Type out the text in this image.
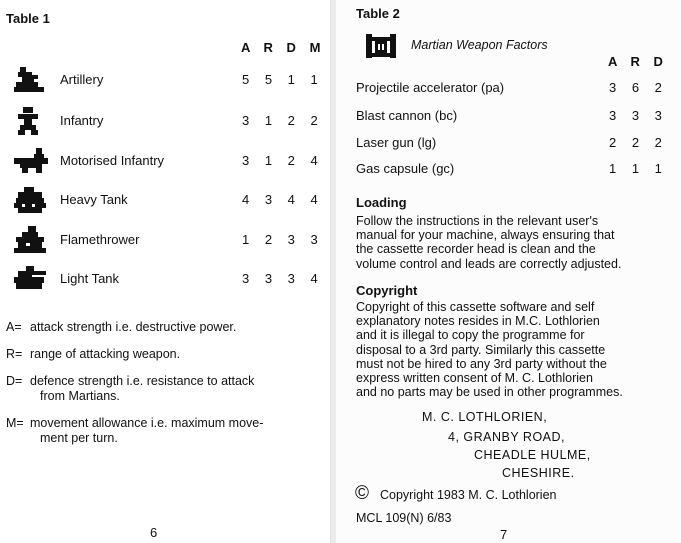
Table 1
A R D M
Artillery	5 5 1 1
Infantry	3 1 2 2
Motorised Infantry	3 1 2 4
Heavy Tank	4 3 4 4
Flamethrower	1 2 3 3
Light Tank	3 3 3 4
A= attack strength i.e. destructive power.
R= range of attacking weapon.
D= defence strength i.e. resistance to attack
from Martians.
M= movement allowance i.e. maximum move-
ment per turn.
6
Table 2
Martian Weapon Factors
A R D
Projectile accelerator (pa)	3 6 2
Blast cannon (bc)	3 3 3
Laser gun (lg)	2 2 2
Gas capsule (gc)	1 1 1
Loading
Follow the instructions in the relevant user's
manual for your machine, always ensuring that
the cassette recorder head is clean and the
volume control and leads are correctly adjusted.
Copyright
Copyright of this cassette software and self
explanatory notes resides in M.C. Lothlorien
and it is illegal to copy the programme for
disposal to a 3rd party. Similarly this cassette
must not be hired to any 3rd party without the
express written consent of M. C. Lothlorien
and no parts may be used in other programmes.
M. C. LOTHLORIEN,
4, GRANBY ROAD,
CHEADLE HULME,
CHESHIRE.
© Copyright 1983 M. C. Lothlorien
MCL 109(N) 6/83
7
